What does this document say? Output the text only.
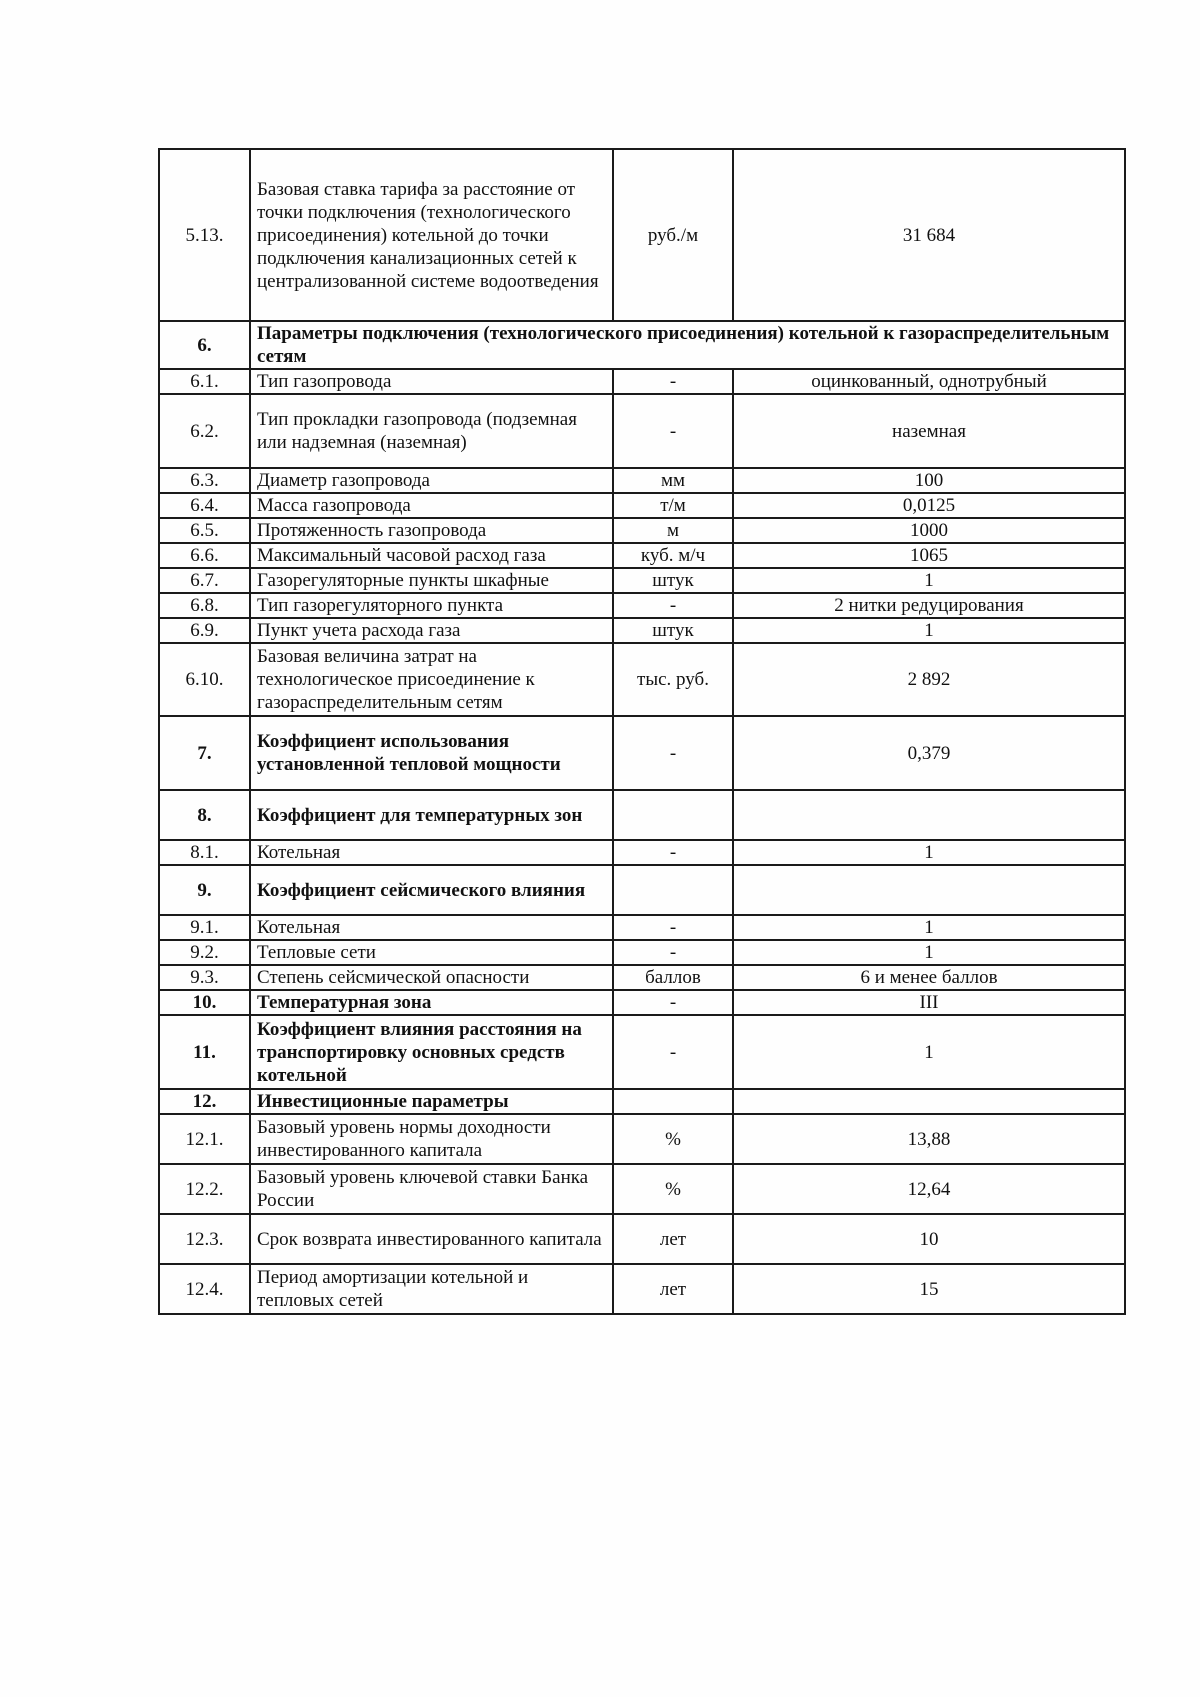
5.13.	Базовая ставка тарифа за расстояние от точки подключения (технологического присоединения) котельной до точки подключения канализационных сетей к централизованной системе водоотведения	руб./м	31 684
6.	Параметры подключения (технологического присоединения) котельной к газораспределительным сетям		
6.1.	Тип газопровода	-	оцинкованный, однотрубный
6.2.	Тип прокладки газопровода (подземная или надземная (наземная)	-	наземная
6.3.	Диаметр газопровода	мм	100
6.4.	Масса газопровода	т/м	0,0125
6.5.	Протяженность газопровода	м	1000
6.6.	Максимальный часовой расход газа	куб. м/ч	1065
6.7.	Газорегуляторные пункты шкафные	штук	1
6.8.	Тип газорегуляторного пункта	-	2 нитки редуцирования
6.9.	Пункт учета расхода газа	штук	1
6.10.	Базовая величина затрат на технологическое присоединение к газораспределительным сетям	тыс. руб.	2 892
7.	Коэффициент использования установленной тепловой мощности	-	0,379
8.	Коэффициент для температурных зон		
8.1.	Котельная	-	1
9.	Коэффициент сейсмического влияния		
9.1.	Котельная	-	1
9.2.	Тепловые сети	-	1
9.3.	Степень сейсмической опасности	баллов	6 и менее баллов
10.	Температурная зона	-	III
11.	Коэффициент влияния расстояния на транспортировку основных средств котельной	-	1
12.	Инвестиционные параметры		
12.1.	Базовый уровень нормы доходности инвестированного капитала	%	13,88
12.2.	Базовый уровень ключевой ставки Банка России	%	12,64
12.3.	Срок возврата инвестированного капитала	лет	10
12.4.	Период амортизации котельной и тепловых сетей	лет	15
